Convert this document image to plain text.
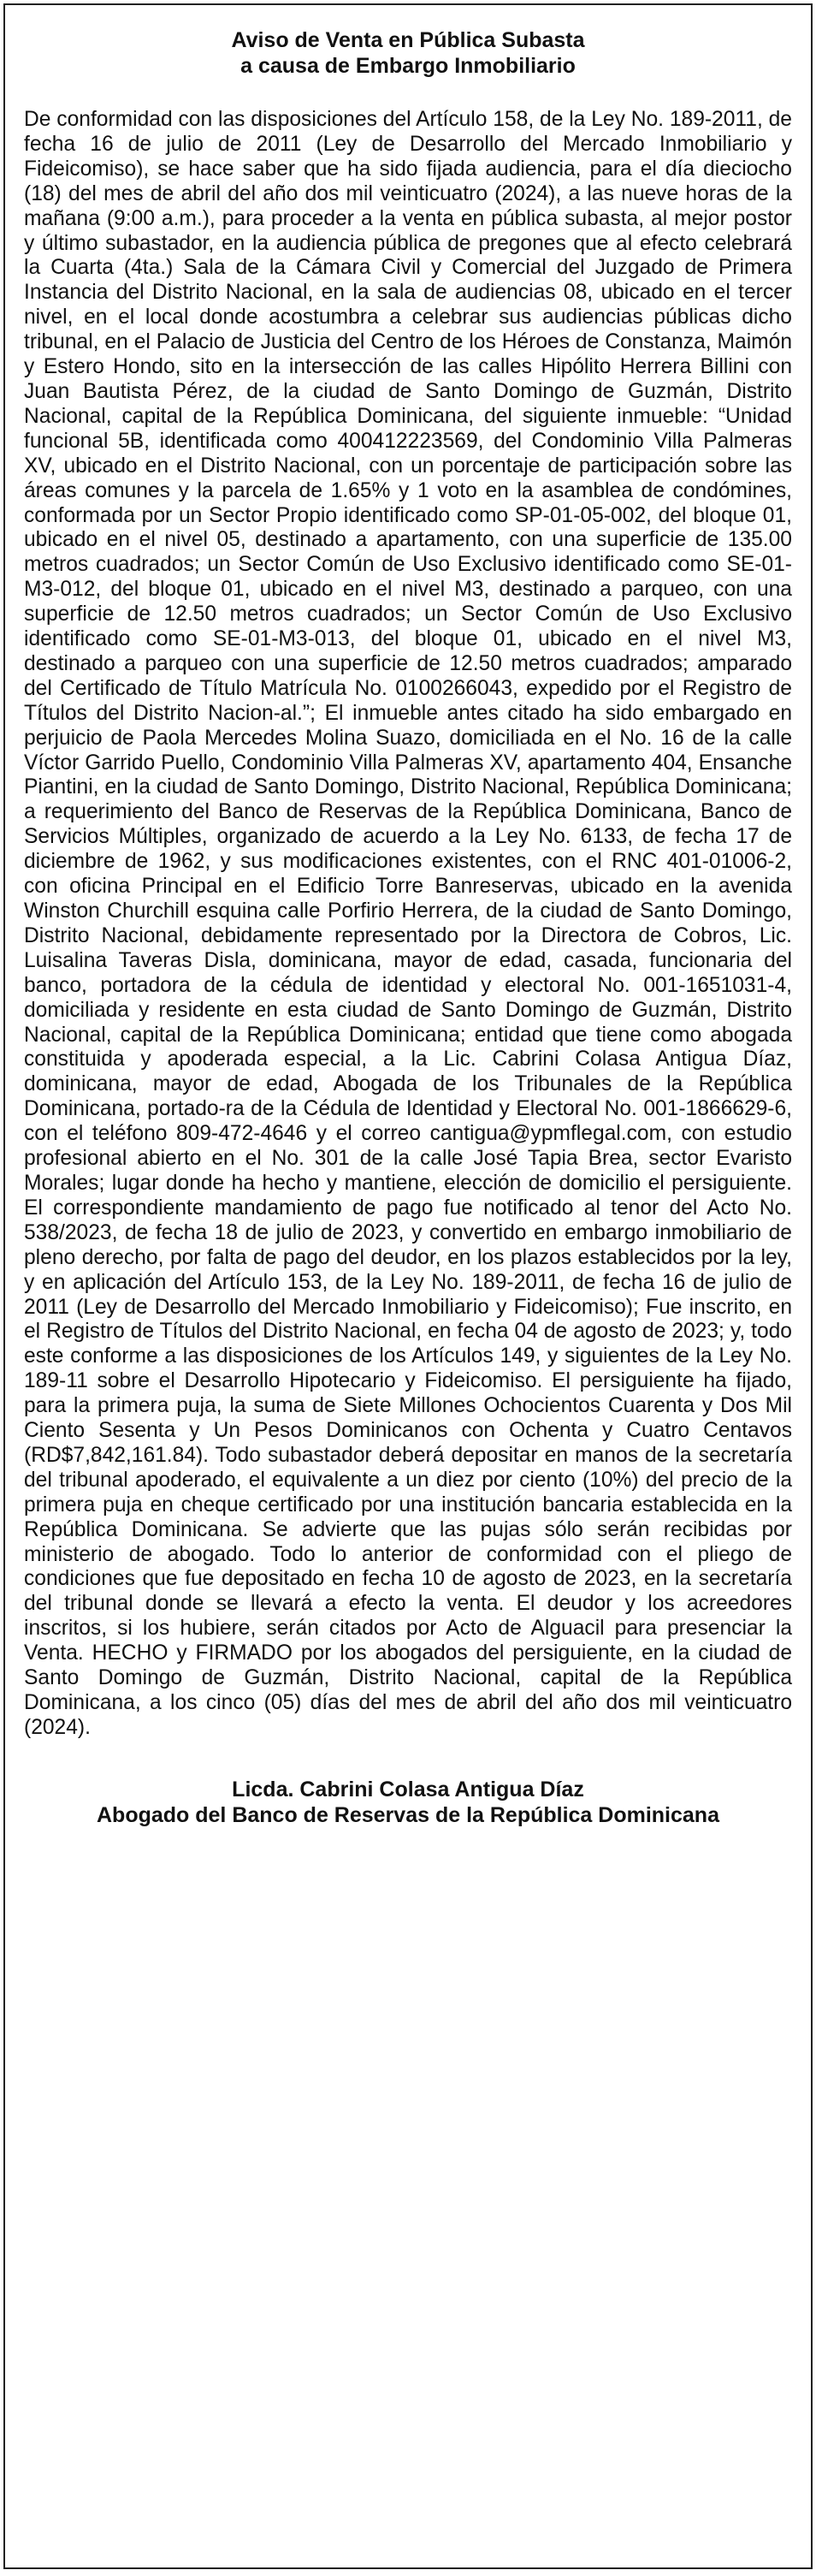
Aviso de Venta en Pública Subasta
a causa de Embargo Inmobiliario

De conformidad con las disposiciones del Artículo 158, de la Ley No. 189-2011, de fecha 16 de julio de 2011 (Ley de Desarrollo del Mercado Inmobiliario y Fideicomiso), se hace saber que ha sido fijada audiencia, para el día dieciocho (18) del mes de abril del año dos mil veinticuatro (2024), a las nueve horas de la mañana (9:00 a.m.), para proceder a la venta en pública subasta, al mejor postor y último subastador, en la audiencia pública de pregones que al efecto celebrará la Cuarta (4ta.) Sala de la Cámara Civil y Comercial del Juzgado de Primera Instancia del Distrito Nacional, en la sala de audiencias 08, ubicado en el tercer nivel, en el local donde acostumbra a celebrar sus audiencias públicas dicho tribunal, en el Palacio de Justicia del Centro de los Héroes de Constanza, Maimón y Estero Hondo, sito en la intersección de las calles Hipólito Herrera Billini con Juan Bautista Pérez, de la ciudad de Santo Domingo de Guzmán, Distrito Nacional, capital de la República Dominicana, del siguiente inmueble: “Unidad funcional 5B, identificada como 400412223569, del Condominio Villa Palmeras XV, ubicado en el Distrito Nacional, con un porcentaje de participación sobre las áreas comunes y la parcela de 1.65% y 1 voto en la asamblea de condómines, conformada por un Sector Propio identificado como SP-01-05-002, del bloque 01, ubicado en el nivel 05, destinado a apartamento, con una superficie de 135.00 metros cuadrados; un Sector Común de Uso Exclusivo identificado como SE-01-M3-012, del bloque 01, ubicado en el nivel M3, destinado a parqueo, con una superficie de 12.50 metros cuadrados; un Sector Común de Uso Exclusivo identificado como SE-01-M3-013, del bloque 01, ubicado en el nivel M3, destinado a parqueo con una superficie de 12.50 metros cuadrados; amparado del Certificado de Título Matrícula No. 0100266043, expedido por el Registro de Títulos del Distrito Nacion-al.”; El inmueble antes citado ha sido embargado en perjuicio de Paola Mercedes Molina Suazo, domiciliada en el No. 16 de la calle Víctor Garrido Puello, Condominio Villa Palmeras XV, apartamento 404, Ensanche Piantini, en la ciudad de Santo Domingo, Distrito Nacional, República Dominicana; a requerimiento del Banco de Reservas de la República Dominicana, Banco de Servicios Múltiples, organizado de acuerdo a la Ley No. 6133, de fecha 17 de diciembre de 1962, y sus modificaciones existentes, con el RNC 401-01006-2, con oficina Principal en el Edificio Torre Banreservas, ubicado en la avenida Winston Churchill esquina calle Porfirio Herrera, de la ciudad de Santo Domingo, Distrito Nacional, debidamente representado por la Directora de Cobros, Lic. Luisalina Taveras Disla, dominicana, mayor de edad, casada, funcionaria del banco, portadora de la cédula de identidad y electoral No. 001-1651031-4, domiciliada y residente en esta ciudad de Santo Domingo de Guzmán, Distrito Nacional, capital de la República Dominicana; entidad que tiene como abogada constituida y apoderada especial, a la Lic. Cabrini Colasa Antigua Díaz, dominicana, mayor de edad, Abogada de los Tribunales de la República Dominicana, portado-ra de la Cédula de Identidad y Electoral No. 001-1866629-6, con el teléfono 809-472-4646 y el correo cantigua@ypmflegal.com, con estudio profesional abierto en el No. 301 de la calle José Tapia Brea, sector Evaristo Morales; lugar donde ha hecho y mantiene, elección de domicilio el persiguiente. El correspondiente mandamiento de pago fue notificado al tenor del Acto No. 538/2023, de fecha 18 de julio de 2023, y convertido en embargo inmobiliario de pleno derecho, por falta de pago del deudor, en los plazos establecidos por la ley, y en aplicación del Artículo 153, de la Ley No. 189-2011, de fecha 16 de julio de 2011 (Ley de Desarrollo del Mercado Inmobiliario y Fideicomiso); Fue inscrito, en el Registro de Títulos del Distrito Nacional, en fecha 04 de agosto de 2023; y, todo este conforme a las disposiciones de los Artículos 149, y siguientes de la Ley No. 189-11 sobre el Desarrollo Hipotecario y Fideicomiso. El persiguiente ha fijado, para la primera puja, la suma de Siete Millones Ochocientos Cuarenta y Dos Mil Ciento Sesenta y Un Pesos Dominicanos con Ochenta y Cuatro Centavos (RD$7,842,161.84). Todo subastador deberá depositar en manos de la secretaría del tribunal apoderado, el equivalente a un diez por ciento (10%) del precio de la primera puja en cheque certificado por una institución bancaria establecida en la República Dominicana. Se advierte que las pujas sólo serán recibidas por ministerio de abogado. Todo lo anterior de conformidad con el pliego de condiciones que fue depositado en fecha 10 de agosto de 2023, en la secretaría del tribunal donde se llevará a efecto la venta. El deudor y los acreedores inscritos, si los hubiere, serán citados por Acto de Alguacil para presenciar la Venta. HECHO y FIRMADO por los abogados del persiguiente, en la ciudad de Santo Domingo de Guzmán, Distrito Nacional, capital de la República Dominicana, a los cinco (05) días del mes de abril del año dos mil veinticuatro (2024).

Licda. Cabrini Colasa Antigua Díaz
Abogado del Banco de Reservas de la República Dominicana
